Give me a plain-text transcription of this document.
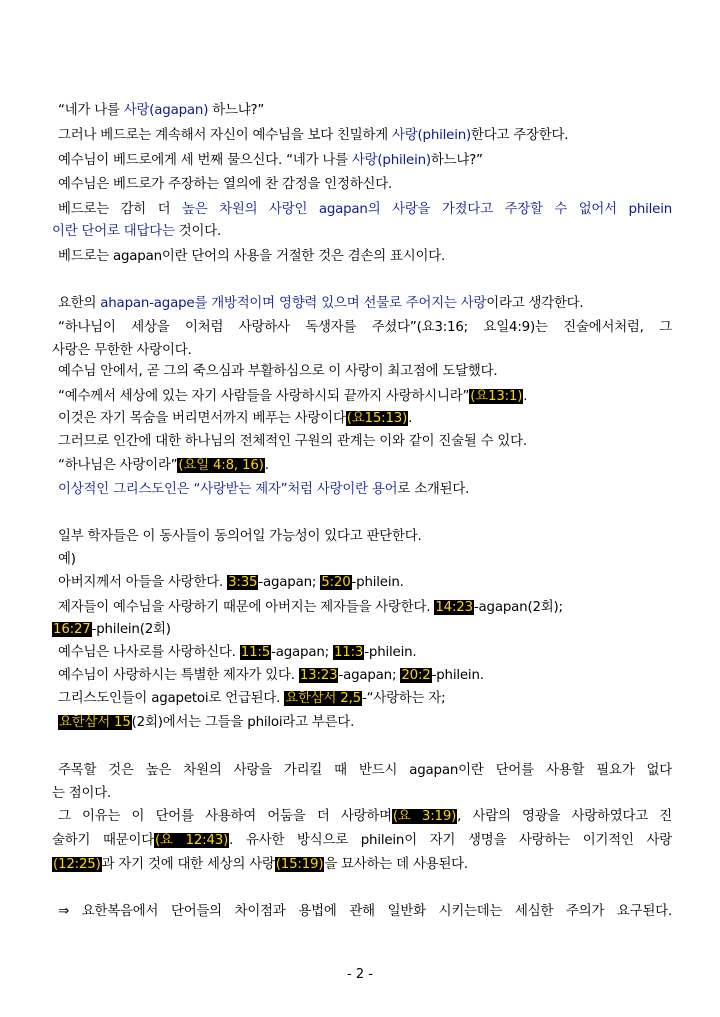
“네가 나를 사랑(agapan) 하느냐?”
그러나 베드로는 계속해서 자신이 예수님을 보다 친밀하게 사랑(philein)한다고 주장한다.
예수님이 베드로에게 세 번째 물으신다. “네가 나를 사랑(philein)하느냐?”
예수님은 베드로가 주장하는 열의에 찬 감정을 인정하신다.
베드로는 감히 더 높은 차원의 사랑인 agapan의 사랑을 가졌다고 주장할 수 없어서 philein
이란 단어로 대답다는 것이다.
베드로는 agapan이란 단어의 사용을 거절한 것은 겸손의 표시이다.
요한의 ahapan-agape를 개방적이며 영향력 있으며 선물로 주어지는 사랑이라고 생각한다.
“하나님이 세상을 이처럼 사랑하사 독생자를 주셨다”(요3:16; 요일4:9)는 진술에서처럼, 그
사랑은 무한한 사랑이다.
예수님 안에서, 곧 그의 죽으심과 부활하심으로 이 사랑이 최고점에 도달했다.
“예수께서 세상에 있는 자기 사람들을 사랑하시되 끝까지 사랑하시니라”(요13:1).
이것은 자기 목숨을 버리면서까지 베푸는 사랑이다(요15:13).
그러므로 인간에 대한 하나님의 전체적인 구원의 관계는 이와 같이 진술될 수 있다.
“하나님은 사랑이라”(요일 4:8, 16).
이상적인 그리스도인은 “사랑받는 제자”처럼 사랑이란 용어로 소개된다.
일부 학자들은 이 동사들이 동의어일 가능성이 있다고 판단한다.
예)
아버지께서 아들을 사랑한다. 3:35-agapan; 5:20-philein.
제자들이 예수님을 사랑하기 때문에 아버지는 제자들을 사랑한다. 14:23-agapan(2회);
16:27-philein(2회)
예수님은 나사로를 사랑하신다. 11:5-agapan; 11:3-philein.
예수님이 사랑하시는 특별한 제자가 있다. 13:23-agapan; 20:2-philein.
그리스도인들이 agapetoi로 언급된다. 요한삼서 2,5-“사랑하는 자;
요한삼서 15(2회)에서는 그들을 philoi라고 부른다.
주목할 것은 높은 차원의 사랑을 가리킬 때 반드시 agapan이란 단어를 사용할 필요가 없다
는 점이다.
그 이유는 이 단어를 사용하여 어둠을 더 사랑하며(요 3:19), 사람의 영광을 사랑하였다고 진
술하기 때문이다(요 12:43). 유사한 방식으로 philein이 자기 생명을 사랑하는 이기적인 사랑
(12:25)과 자기 것에 대한 세상의 사랑(15:19)을 묘사하는 데 사용된다.
⇒ 요한복음에서 단어들의 차이점과 용법에 관해 일반화 시키는데는 세심한 주의가 요구된다.
- 2 -
